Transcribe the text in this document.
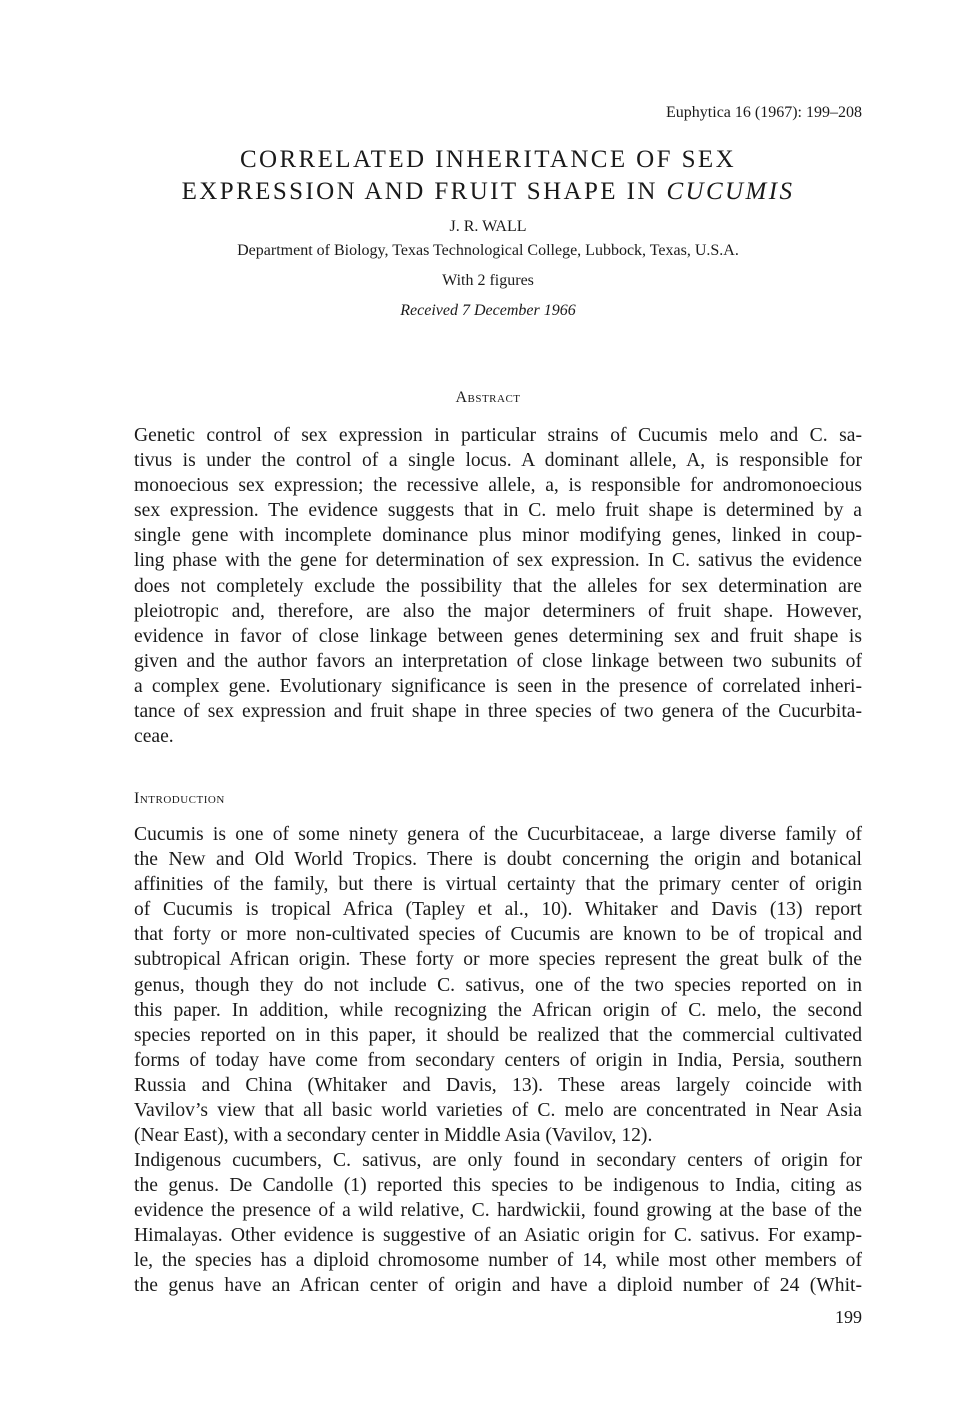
Euphytica 16 (1967): 199–208
CORRELATED INHERITANCE OF SEX
EXPRESSION AND FRUIT SHAPE IN CUCUMIS
J. R. WALL
Department of Biology, Texas Technological College, Lubbock, Texas, U.S.A.
With 2 figures
Received 7 December 1966
Abstract
Genetic control of sex expression in particular strains of Cucumis melo and C. sa-
tivus is under the control of a single locus. A dominant allele, A, is responsible for
monoecious sex expression; the recessive allele, a, is responsible for andromonoecious
sex expression. The evidence suggests that in C. melo fruit shape is determined by a
single gene with incomplete dominance plus minor modifying genes, linked in coup-
ling phase with the gene for determination of sex expression. In C. sativus the evidence
does not completely exclude the possibility that the alleles for sex determination are
pleiotropic and, therefore, are also the major determiners of fruit shape. However,
evidence in favor of close linkage between genes determining sex and fruit shape is
given and the author favors an interpretation of close linkage between two subunits of
a complex gene. Evolutionary significance is seen in the presence of correlated inheri-
tance of sex expression and fruit shape in three species of two genera of the Cucurbita-
ceae.
Introduction
Cucumis is one of some ninety genera of the Cucurbitaceae, a large diverse family of
the New and Old World Tropics. There is doubt concerning the origin and botanical
affinities of the family, but there is virtual certainty that the primary center of origin
of Cucumis is tropical Africa (Tapley et al., 10). Whitaker and Davis (13) report
that forty or more non-cultivated species of Cucumis are known to be of tropical and
subtropical African origin. These forty or more species represent the great bulk of the
genus, though they do not include C. sativus, one of the two species reported on in
this paper. In addition, while recognizing the African origin of C. melo, the second
species reported on in this paper, it should be realized that the commercial cultivated
forms of today have come from secondary centers of origin in India, Persia, southern
Russia and China (Whitaker and Davis, 13). These areas largely coincide with
Vavilov’s view that all basic world varieties of C. melo are concentrated in Near Asia
(Near East), with a secondary center in Middle Asia (Vavilov, 12).
Indigenous cucumbers, C. sativus, are only found in secondary centers of origin for
the genus. De Candolle (1) reported this species to be indigenous to India, citing as
evidence the presence of a wild relative, C. hardwickii, found growing at the base of the
Himalayas. Other evidence is suggestive of an Asiatic origin for C. sativus. For examp-
le, the species has a diploid chromosome number of 14, while most other members of
the genus have an African center of origin and have a diploid number of 24 (Whit-
199
